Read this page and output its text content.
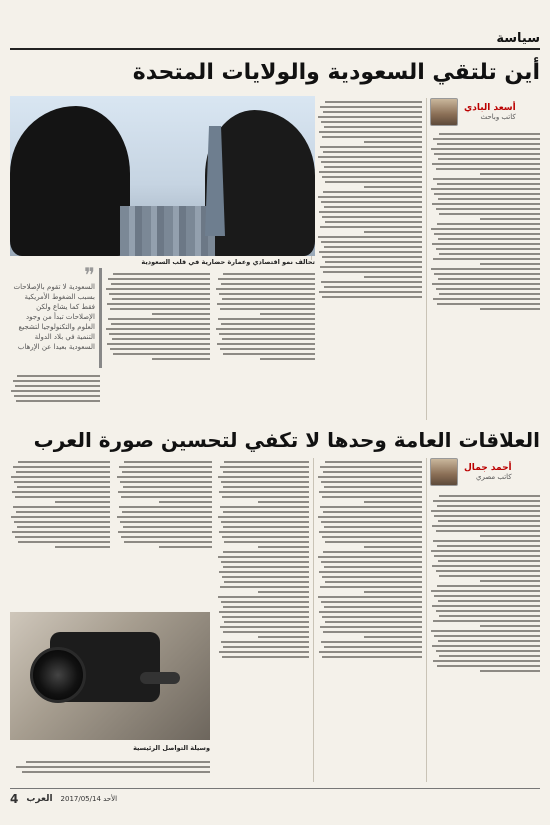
سياسة
أين تلتقي السعودية والولايات المتحدة
أسعد البادي
كاتب وباحث
تحالف نمو اقتصادي وعمارة حضارية في قلب السعودية
❞
السعودية لا تقوم بالإصلاحات بسبب الضغوط الأمريكية فقط كما يشاع ولكن الإصلاحات تبدأ من وجود العلوم والتكنولوجيا لتشجيع التنمية في بلاد الدولة السعودية بعيدا عن الإرهاب
العلاقات العامة وحدها لا تكفي لتحسين صورة العرب
أحمد جمال
كاتب مصري
وسيلة التواصل الرئيسية
4 العرب الأحد 2017/05/14
